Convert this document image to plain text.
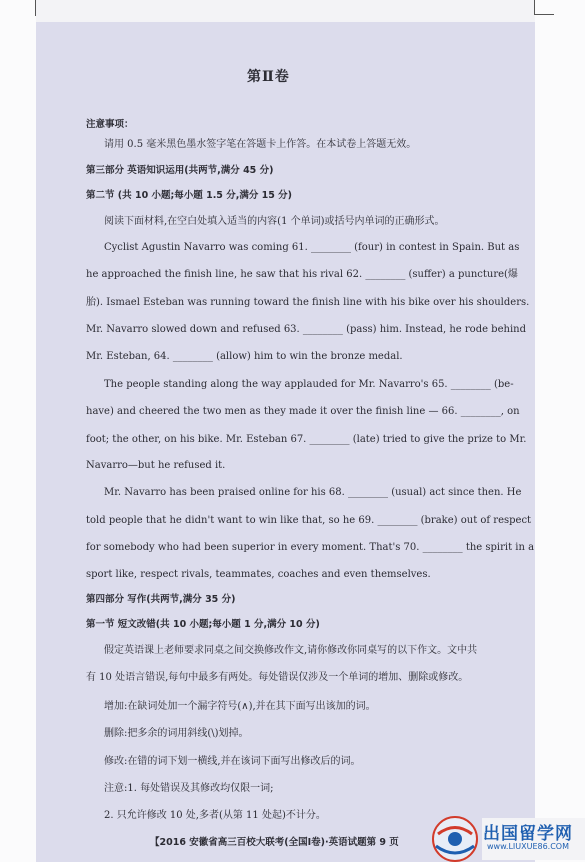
第Ⅱ卷
注意事项：
请用 0.5 毫米黑色墨水签字笔在答题卡上作答。在本试卷上答题无效。
第三部分 英语知识运用(共两节,满分 45 分)
第二节 (共 10 小题;每小题 1.5 分,满分 15 分)
阅读下面材料,在空白处填入适当的内容(1 个单词)或括号内单词的正确形式。
Cyclist Agustin Navarro was coming 61. ________ (four) in contest in Spain. But as
he approached the finish line, he saw that his rival 62. ________ (suffer) a puncture(爆
胎). Ismael Esteban was running toward the finish line with his bike over his shoulders.
Mr. Navarro slowed down and refused 63. ________ (pass) him. Instead, he rode behind
Mr. Esteban, 64. ________ (allow) him to win the bronze medal.
The people standing along the way applauded for Mr. Navarro's 65. ________ (be-
have) and cheered the two men as they made it over the finish line — 66. ________, on
foot; the other, on his bike. Mr. Esteban 67. ________ (late) tried to give the prize to Mr.
Navarro—but he refused it.
Mr. Navarro has been praised online for his 68. ________ (usual) act since then. He
told people that he didn't want to win like that, so he 69. ________ (brake) out of respect
for somebody who had been superior in every moment. That's 70. ________ the spirit in a
sport like, respect rivals, teammates, coaches and even themselves.
第四部分 写作(共两节,满分 35 分)
第一节 短文改错(共 10 小题;每小题 1 分,满分 10 分)
假定英语课上老师要求同桌之间交换修改作文,请你修改你同桌写的以下作文。文中共
有 10 处语言错误,每句中最多有两处。每处错误仅涉及一个单词的增加、删除或修改。
增加:在缺词处加一个漏字符号(∧),并在其下面写出该加的词。
删除:把多余的词用斜线(\)划掉。
修改:在错的词下划一横线,并在该词下面写出修改后的词。
注意:1. 每处错误及其修改均仅限一词;
2. 只允许修改 10 处,多者(从第 11 处起)不计分。
【2016 安徽省高三百校大联考(全国Ⅰ卷)·英语试题第 9 页	出国留学网
www.LIUXUE86.COM
